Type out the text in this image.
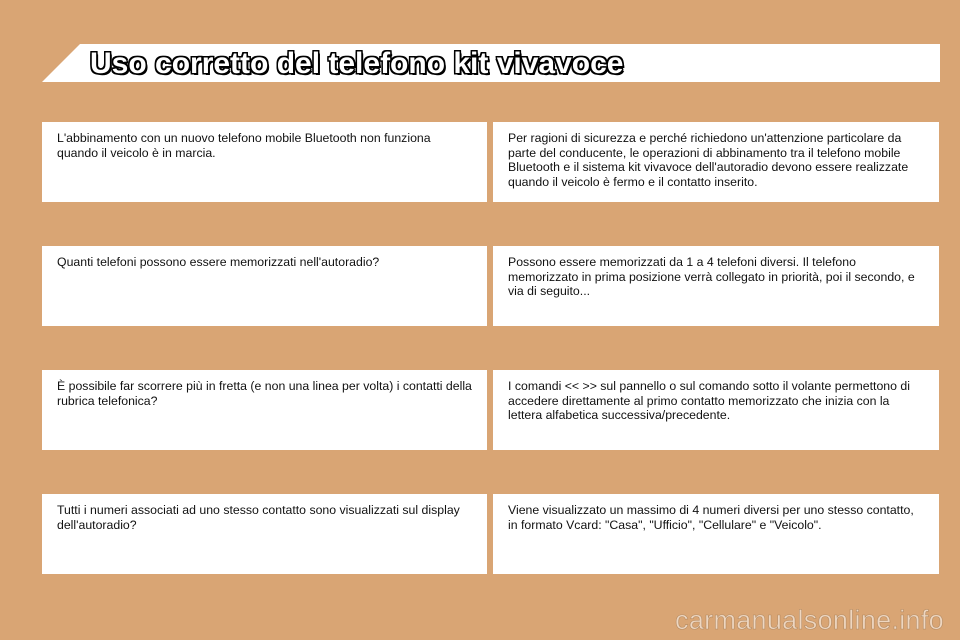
Uso corretto del telefono kit vivavoce
L'abbinamento con un nuovo telefono mobile Bluetooth non funziona quando il veicolo è in marcia.
Per ragioni di sicurezza e perché richiedono un'attenzione particolare da parte del conducente, le operazioni di abbinamento tra il telefono mobile Bluetooth e il sistema kit vivavoce dell'autoradio devono essere realizzate quando il veicolo è fermo e il contatto inserito.
Quanti telefoni possono essere memorizzati nell'autoradio?	Possono essere memorizzati da 1 a 4 telefoni diversi. Il telefono memorizzato in prima posizione verrà collegato in priorità, poi il secondo, e via di seguito...
È possibile far scorrere più in fretta (e non una linea per volta) i contatti della rubrica telefonica?
I comandi << >> sul pannello o sul comando sotto il volante permettono di accedere direttamente al primo contatto memorizzato che inizia con la lettera alfabetica successiva/precedente.
Tutti i numeri associati ad uno stesso contatto sono visualizzati sul display dell'autoradio?
Viene visualizzato un massimo di 4 numeri diversi per uno stesso contatto, in formato Vcard: "Casa", "Ufficio", "Cellulare" e "Veicolo".
carmanualsonline.info
